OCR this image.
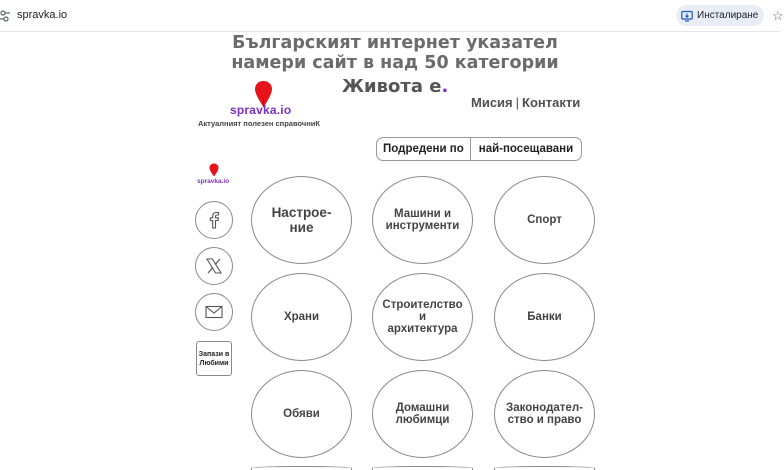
spravka.io	Инсталиране ☆
Българският интернет указател
намери сайт в над 50 категории
Живота е.
spravka.io
Актуалният полезен справочниК
Мисия | Контакти
Подредени по	най-посещавани
spravka.io
Запази в Любими
Настрое-
ние
Машини и
инструменти	Спорт
Храни
Строителство
и
архитектура
Банки
Обяви	Домашни
любимци
Законодател-
ство и право
